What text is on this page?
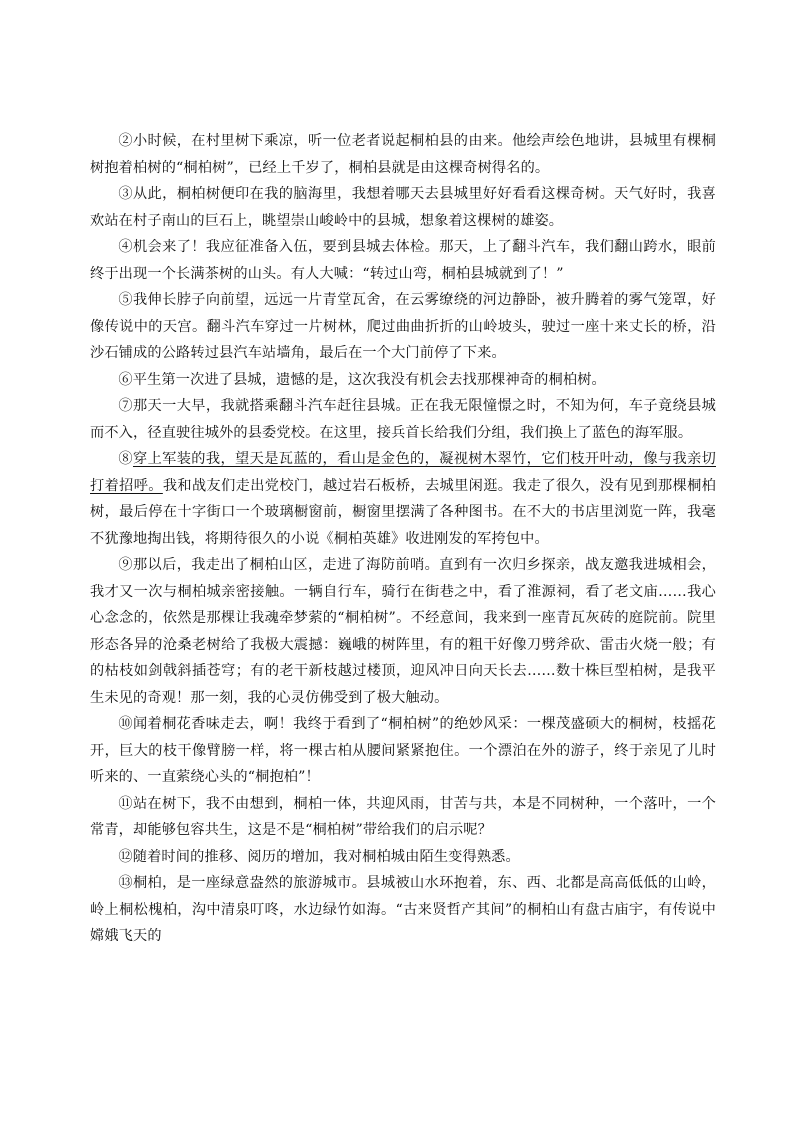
②小时候，在村里树下乘凉，听一位老者说起桐柏县的由来。他绘声绘色地讲，县城里有棵桐树抱着柏树的“桐柏树”，已经上千岁了，桐柏县就是由这棵奇树得名的。

③从此，桐柏树便印在我的脑海里，我想着哪天去县城里好好看看这棵奇树。天气好时，我喜欢站在村子南山的巨石上，眺望崇山峻岭中的县城，想象着这棵树的雄姿。

④机会来了！我应征准备入伍，要到县城去体检。那天，上了翻斗汽车，我们翻山跨水，眼前终于出现一个长满茶树的山头。有人大喊：“转过山弯，桐柏县城就到了！”

⑤我伸长脖子向前望，远远一片青堂瓦舍，在云雾缭绕的河边静卧，被升腾着的雾气笼罩，好像传说中的天宫。翻斗汽车穿过一片树林，爬过曲曲折折的山岭坡头，驶过一座十来丈长的桥，沿沙石铺成的公路转过县汽车站墙角，最后在一个大门前停了下来。

⑥平生第一次进了县城，遗憾的是，这次我没有机会去找那棵神奇的桐柏树。

⑦那天一大早，我就搭乘翻斗汽车赶往县城。正在我无限憧憬之时，不知为何，车子竟绕县城而不入，径直驶往城外的县委党校。在这里，接兵首长给我们分组，我们换上了蓝色的海军服。

⑧穿上军装的我，望天是瓦蓝的，看山是金色的，凝视树木翠竹，它们枝开叶动，像与我亲切打着招呼。我和战友们走出党校门，越过岩石板桥，去城里闲逛。我走了很久，没有见到那棵桐柏树，最后停在十字街口一个玻璃橱窗前，橱窗里摆满了各种图书。在不大的书店里浏览一阵，我毫不犹豫地掏出钱，将期待很久的小说《桐柏英雄》收进刚发的军挎包中。

⑨那以后，我走出了桐柏山区，走进了海防前哨。直到有一次归乡探亲，战友邀我进城相会，我才又一次与桐柏城亲密接触。一辆自行车，骑行在街巷之中，看了淮源祠，看了老文庙……我心心念念的，依然是那棵让我魂牵梦萦的“桐柏树”。不经意间，我来到一座青瓦灰砖的庭院前。院里形态各异的沧桑老树给了我极大震撼：巍峨的树阵里，有的粗干好像刀劈斧砍、雷击火烧一般；有的枯枝如剑戟斜插苍穹；有的老干新枝越过楼顶，迎风冲日向天长去……数十株巨型柏树，是我平生未见的奇观！那一刻，我的心灵仿佛受到了极大触动。

⑩闻着桐花香味走去，啊！我终于看到了“桐柏树”的绝妙风采：一棵茂盛硕大的桐树，枝摇花开，巨大的枝干像臂膀一样，将一棵古柏从腰间紧紧抱住。一个漂泊在外的游子，终于亲见了儿时听来的、一直萦绕心头的“桐抱柏”！

⑪站在树下，我不由想到，桐柏一体，共迎风雨，甘苦与共，本是不同树种，一个落叶，一个常青，却能够包容共生，这是不是“桐柏树”带给我们的启示呢？

⑫随着时间的推移、阅历的增加，我对桐柏城由陌生变得熟悉。

⑬桐柏，是一座绿意盎然的旅游城市。县城被山水环抱着，东、西、北都是高高低低的山岭，岭上桐松槐柏，沟中清泉叮咚，水边绿竹如海。“古来贤哲产其间”的桐柏山有盘古庙宇，有传说中嫦娥飞天的
